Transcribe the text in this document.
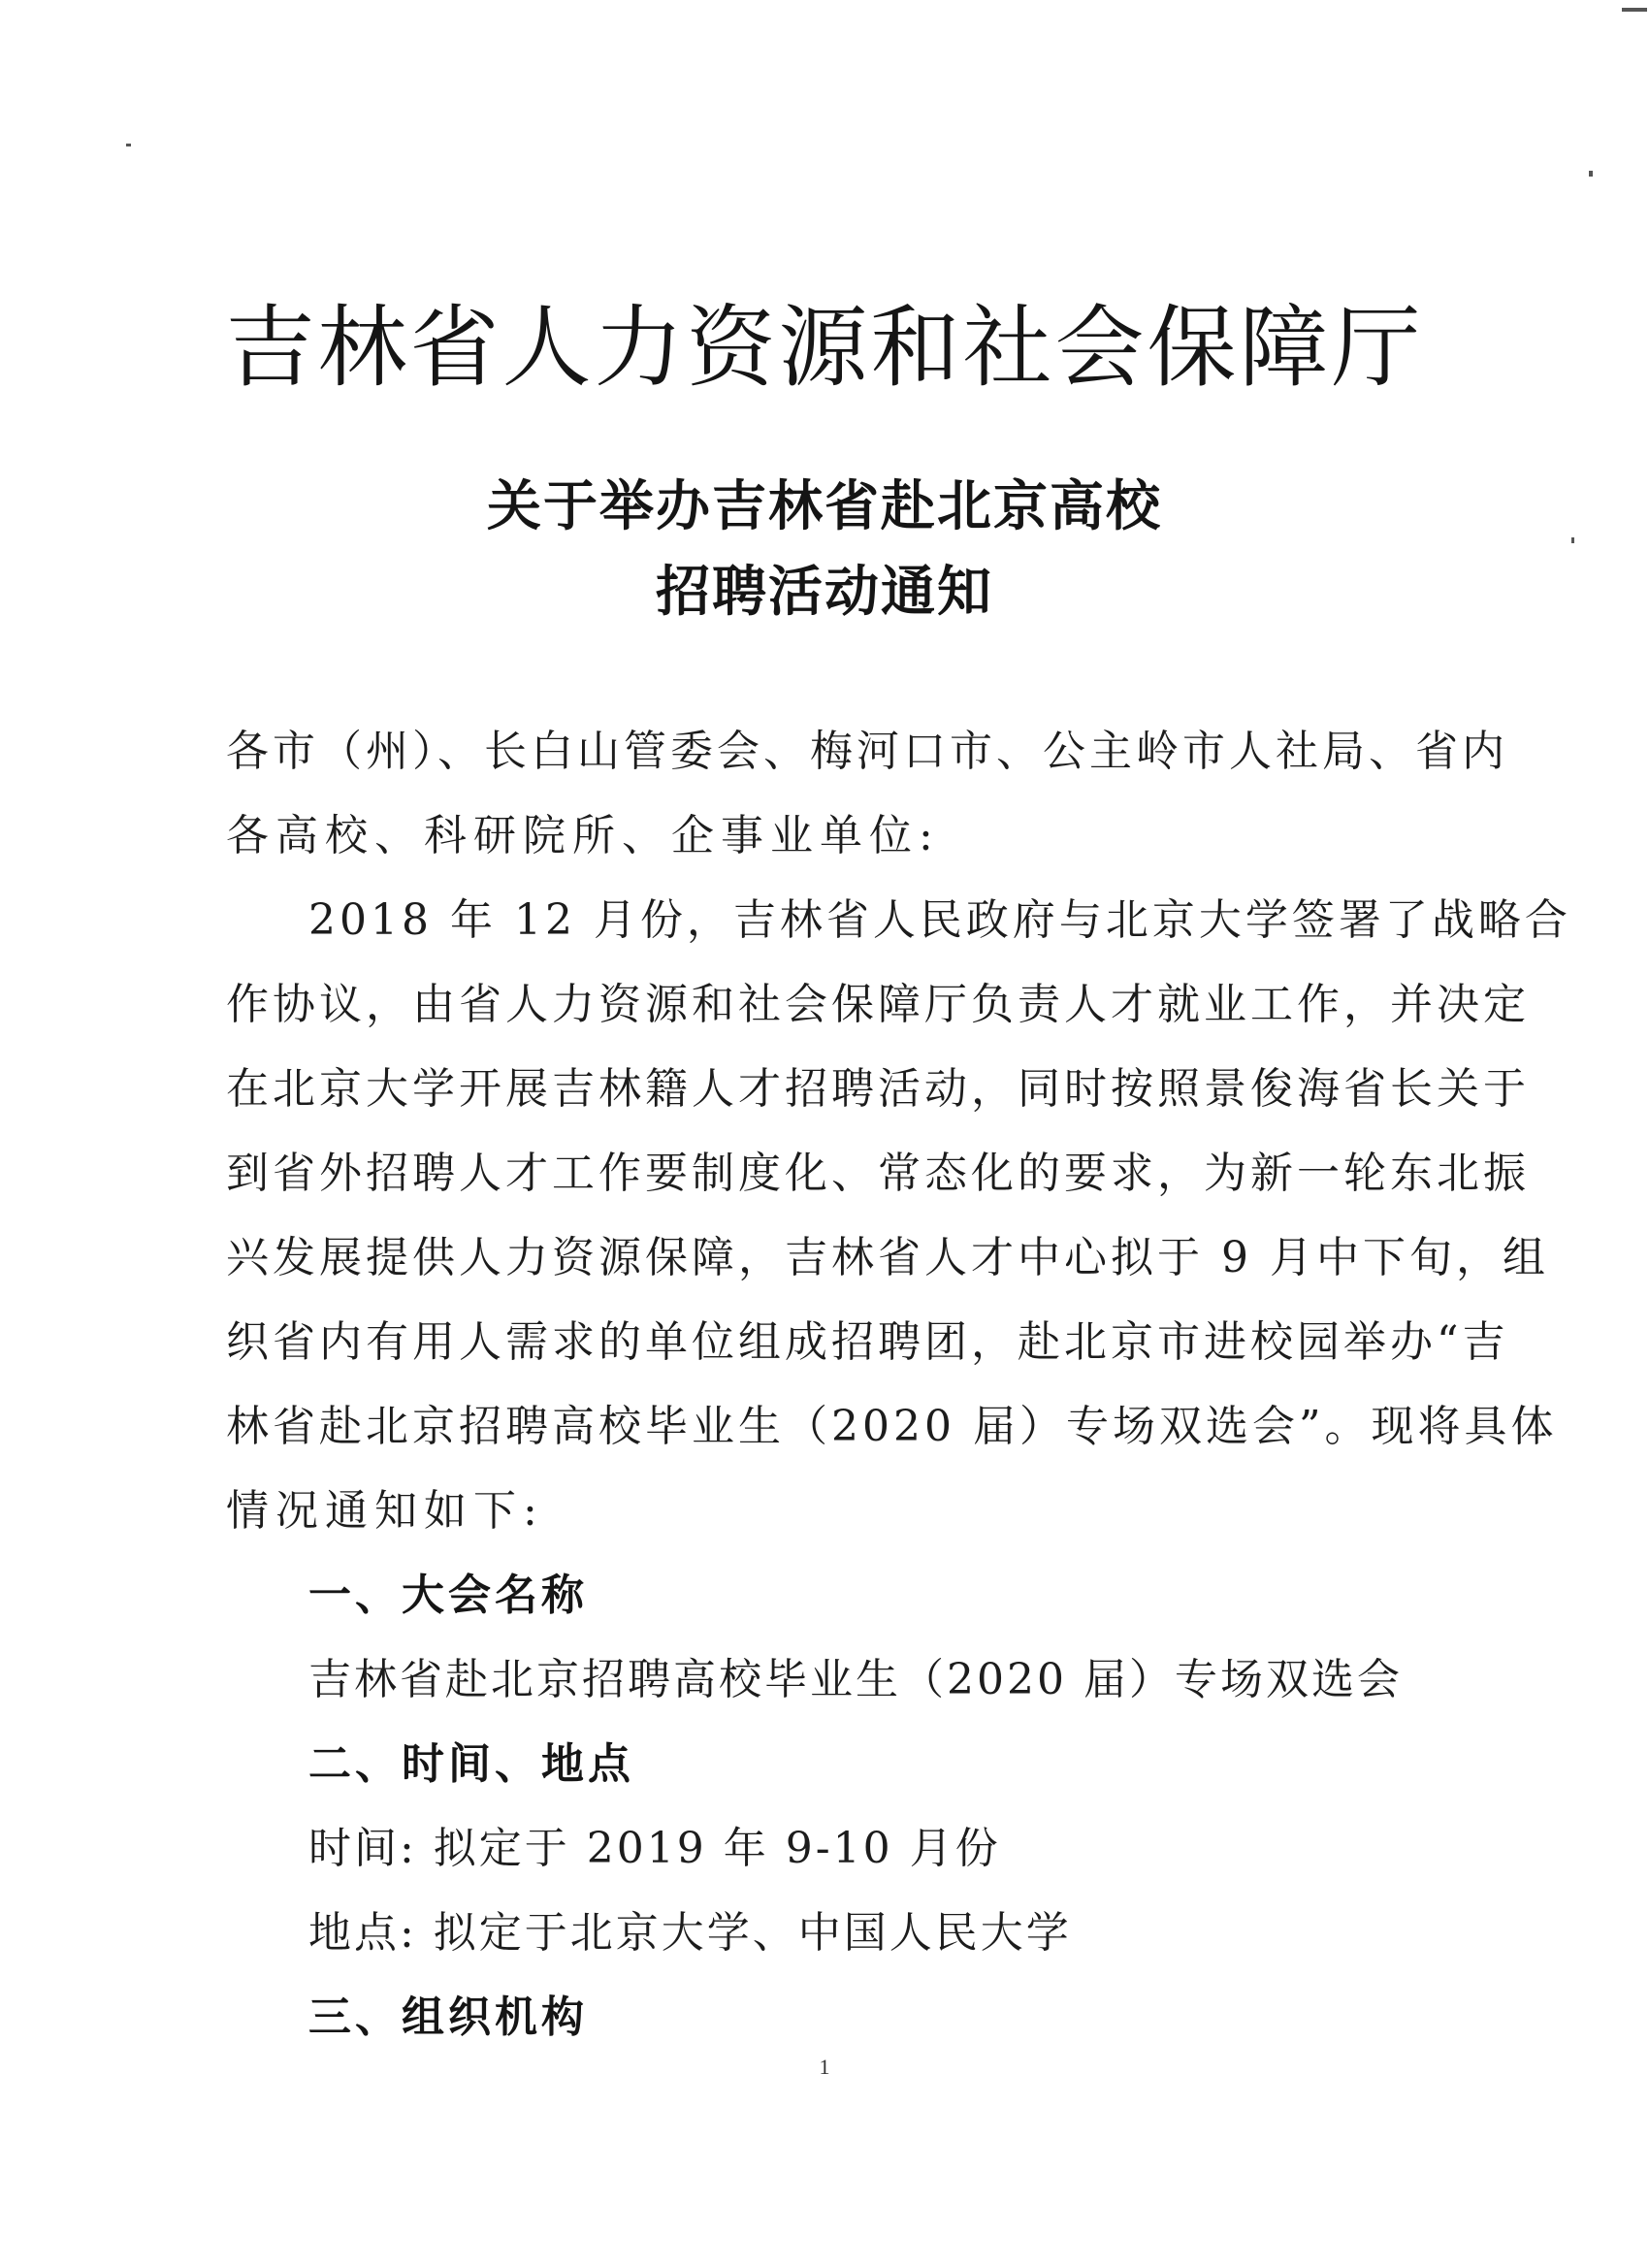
吉林省人力资源和社会保障厅
关于举办吉林省赴北京高校
招聘活动通知
各市（州）、长白山管委会、梅河口市、公主岭市人社局、省内
各高校、科研院所、企事业单位:
2018 年 12 月份，吉林省人民政府与北京大学签署了战略合
作协议，由省人力资源和社会保障厅负责人才就业工作，并决定
在北京大学开展吉林籍人才招聘活动，同时按照景俊海省长关于
到省外招聘人才工作要制度化、常态化的要求，为新一轮东北振
兴发展提供人力资源保障，吉林省人才中心拟于 9 月中下旬，组
织省内有用人需求的单位组成招聘团，赴北京市进校园举办“吉
林省赴北京招聘高校毕业生（2020 届）专场双选会”。现将具体
情况通知如下:
一、大会名称
吉林省赴北京招聘高校毕业生（2020 届）专场双选会
二、时间、地点
时间: 拟定于 2019 年 9-10 月份
地点: 拟定于北京大学、中国人民大学
三、组织机构
1
